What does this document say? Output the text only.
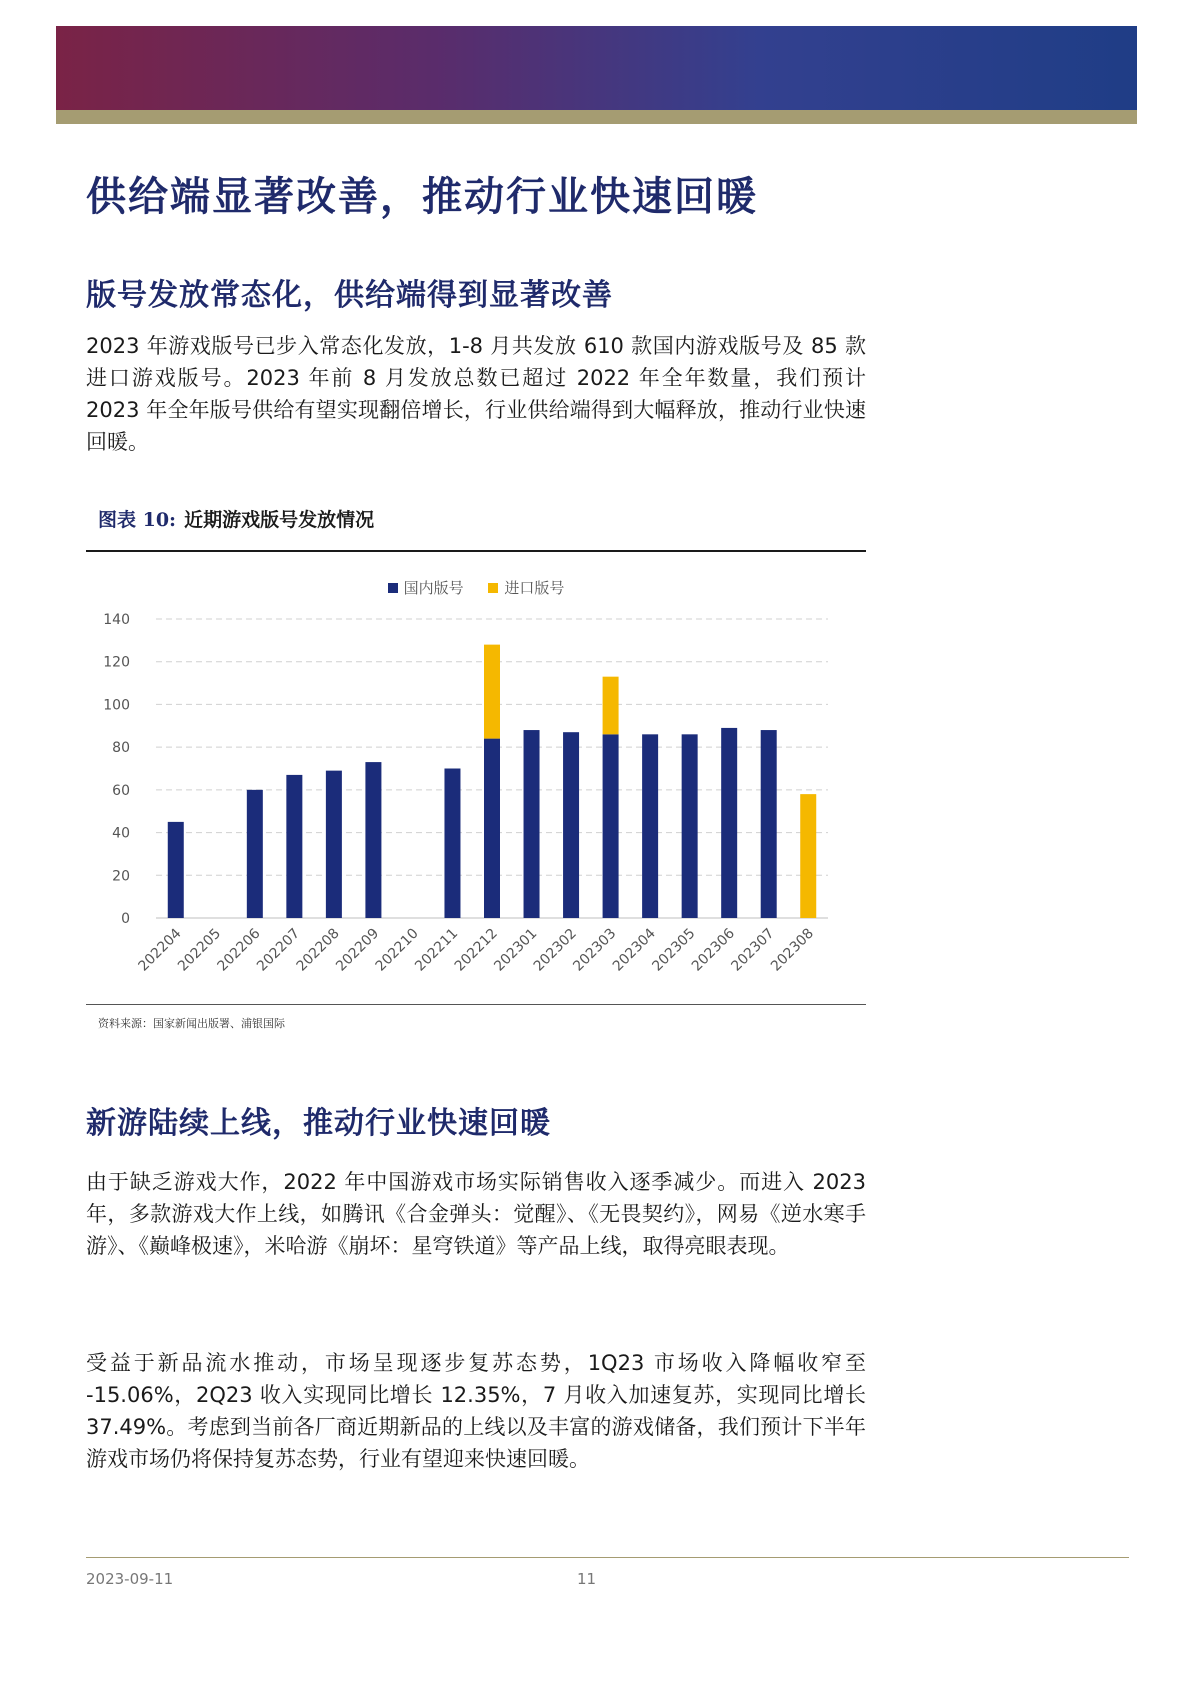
供给端显著改善，推动行业快速回暖
版号发放常态化，供给端得到显著改善
2023 年游戏版号已步入常态化发放，1-8 月共发放 610 款国内游戏版号及 85 款进口游戏版号。2023 年前 8 月发放总数已超过 2022 年全年数量，我们预计 2023 年全年版号供给有望实现翻倍增长，行业供给端得到大幅释放，推动行业快速回暖。
图表 10: 近期游戏版号发放情况
国内版号
	进口版号
0
20
40
60
80
100
120
140
202204
202205
202206
202207
202208
202209
202210
202211
202212
202301
202302
202303
202304
202305
202306
202307
202308
资料来源：国家新闻出版署、浦银国际
新游陆续上线，推动行业快速回暖
由于缺乏游戏大作，2022 年中国游戏市场实际销售收入逐季减少。而进入 2023 年，多款游戏大作上线，如腾讯《合金弹头：觉醒》、《无畏契约》，网易《逆水寒手游》、《巅峰极速》，米哈游《崩坏：星穹铁道》等产品上线，取得亮眼表现。
受益于新品流水推动，市场呈现逐步复苏态势，1Q23 市场收入降幅收窄至 -15.06%，2Q23 收入实现同比增长 12.35%，7 月收入加速复苏，实现同比增长 37.49%。考虑到当前各厂商近期新品的上线以及丰富的游戏储备，我们预计下半年游戏市场仍将保持复苏态势，行业有望迎来快速回暖。
2023-09-11	11
